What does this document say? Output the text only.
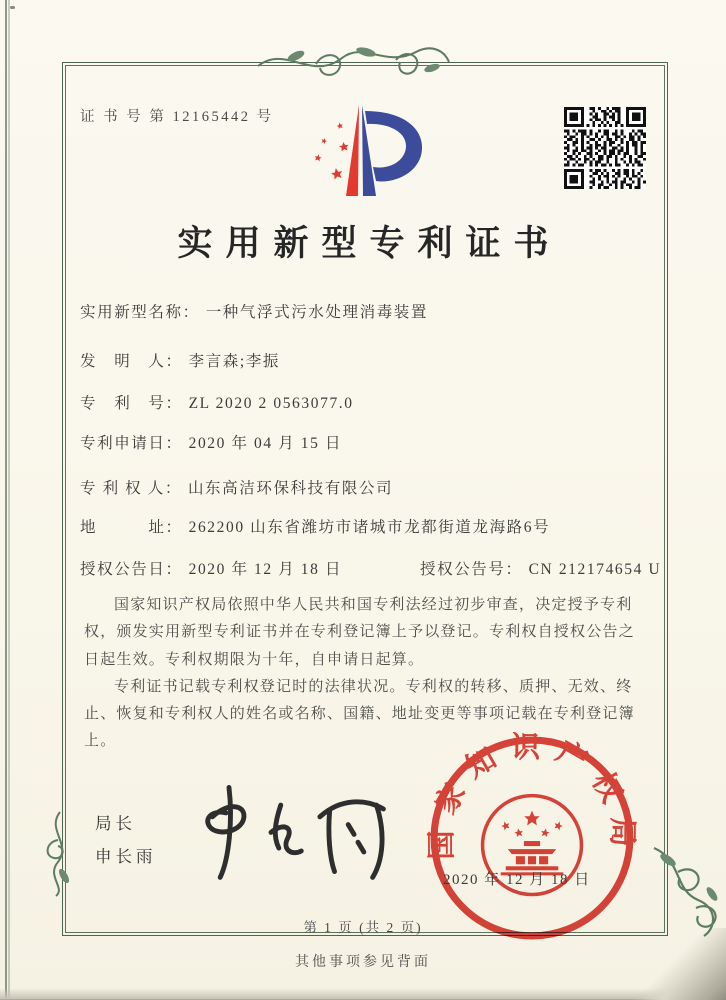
证 书 号 第 12165442 号
实用新型专利证书
实用新型名称： 一种气浮式污水处理消毒装置
发　明　人： 李言森;李振
专　利　号： ZL 2020 2 0563077.0
专利申请日： 2020 年 04 月 15 日
专 利 权 人： 山东高洁环保科技有限公司
地　　　址： 262200 山东省潍坊市诸城市龙都街道龙海路6号
授权公告日： 2020 年 12 月 18 日	授权公告号： CN 212174654 U

国家知识产权局依照中华人民共和国专利法经过初步审查，决定授予专利权，颁发实用新型专利证书并在专利登记簿上予以登记。专利权自授权公告之日起生效。专利权期限为十年，自申请日起算。

专利证书记载专利权登记时的法律状况。专利权的转移、质押、无效、终止、恢复和专利权人的姓名或名称、国籍、地址变更等事项记载在专利登记簿上。

局长
申长雨	国家知识产权局
2020 年 12 月 18 日
第 1 页 (共 2 页)
其他事项参见背面
